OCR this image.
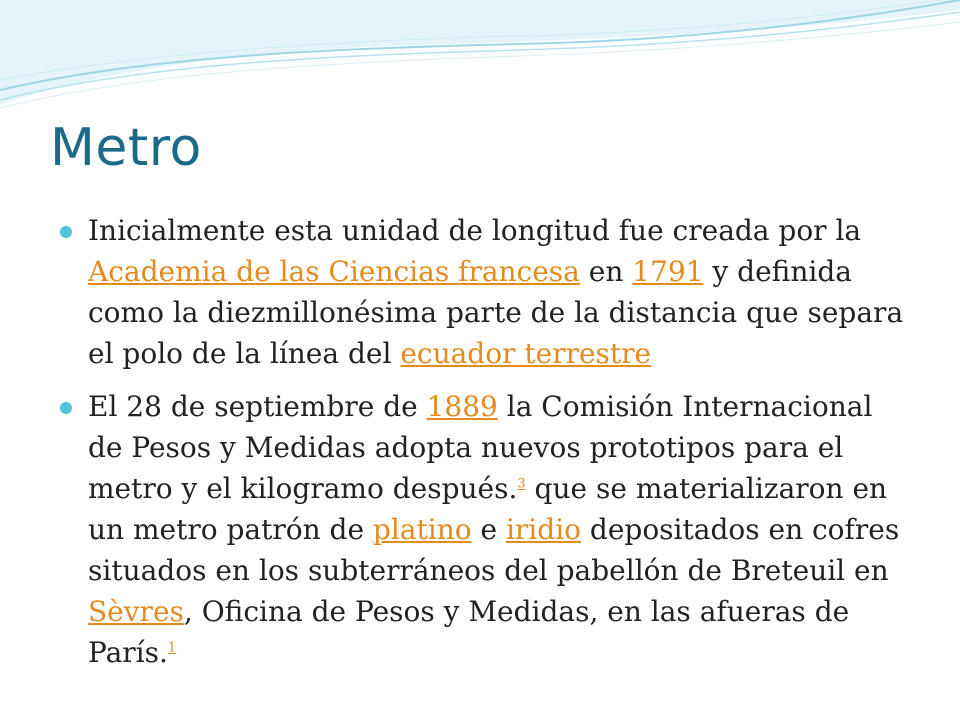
Metro
Inicialmente esta unidad de longitud fue creada por la Academia de las Ciencias francesa en 1791 y definida como la diezmillonésima parte de la distancia que separa el polo de la línea del ecuador terrestre
El 28 de septiembre de 1889 la Comisión Internacional de Pesos y Medidas adopta nuevos prototipos para el metro y el kilogramo después.$^3$ que se materializaron en un metro patrón de platino e iridio depositados en cofres situados en los subterráneos del pabellón de Breteuil en Sèvres, Oficina de Pesos y Medidas, en las afueras de París.$^1$
